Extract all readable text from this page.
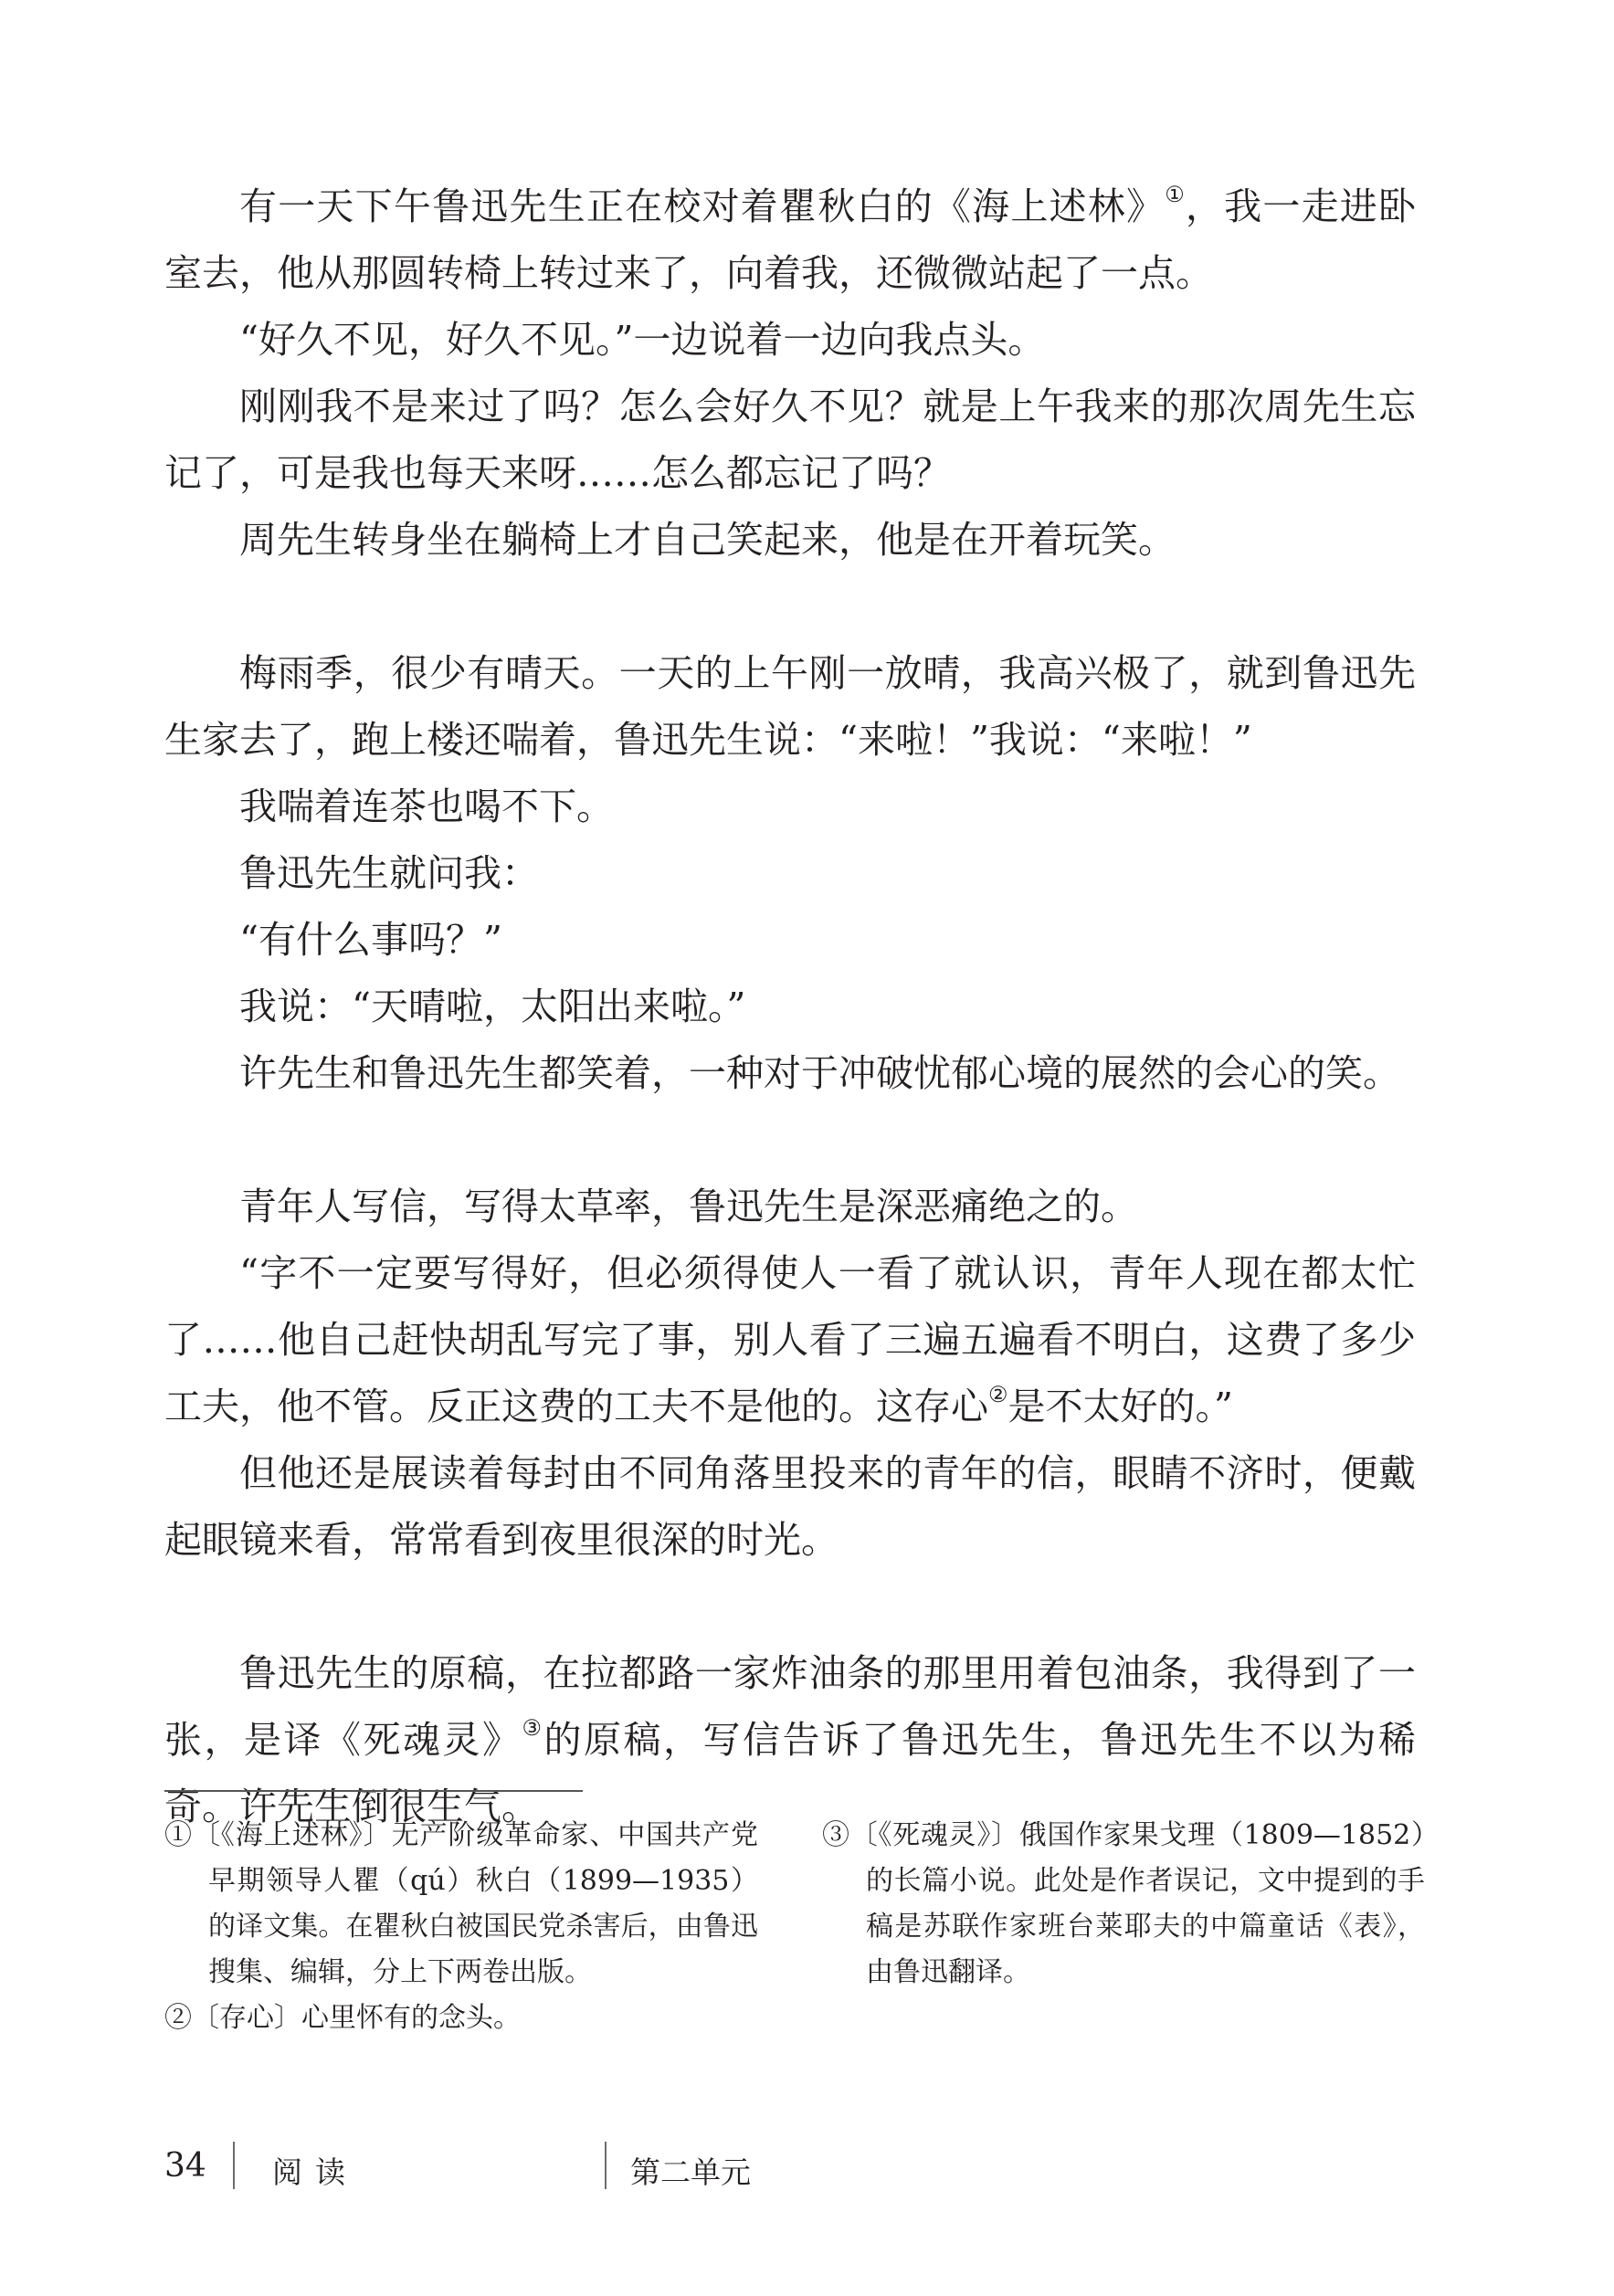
有一天下午鲁迅先生正在校对着瞿秋白的《海上述林》①，我一走进卧室去，他从那圆转椅上转过来了，向着我，还微微站起了一点。

“好久不见，好久不见。”一边说着一边向我点头。

刚刚我不是来过了吗？怎么会好久不见？就是上午我来的那次周先生忘记了，可是我也每天来呀……怎么都忘记了吗？

周先生转身坐在躺椅上才自己笑起来，他是在开着玩笑。

梅雨季，很少有晴天。一天的上午刚一放晴，我高兴极了，就到鲁迅先生家去了，跑上楼还喘着，鲁迅先生说：“来啦！”我说：“来啦！”

我喘着连茶也喝不下。

鲁迅先生就问我：

“有什么事吗？”

我说：“天晴啦，太阳出来啦。”

许先生和鲁迅先生都笑着，一种对于冲破忧郁心境的展然的会心的笑。

青年人写信，写得太草率，鲁迅先生是深恶痛绝之的。

“字不一定要写得好，但必须得使人一看了就认识，青年人现在都太忙了……他自己赶快胡乱写完了事，别人看了三遍五遍看不明白，这费了多少工夫，他不管。反正这费的工夫不是他的。这存心②是不太好的。”

但他还是展读着每封由不同角落里投来的青年的信，眼睛不济时，便戴起眼镜来看，常常看到夜里很深的时光。

鲁迅先生的原稿，在拉都路一家炸油条的那里用着包油条，我得到了一张，是译《死魂灵》③的原稿，写信告诉了鲁迅先生，鲁迅先生不以为稀奇。许先生倒很生气。

①〔《海上述林》〕无产阶级革命家、中国共产党早期领导人瞿（qú）秋白（1899—1935）的译文集。在瞿秋白被国民党杀害后，由鲁迅搜集、编辑，分上下两卷出版。

②〔存心〕心里怀有的念头。

③〔《死魂灵》〕俄国作家果戈理（1809—1852）的长篇小说。此处是作者误记，文中提到的手稿是苏联作家班台莱耶夫的中篇童话《表》，由鲁迅翻译。

34 阅读	第二单元
